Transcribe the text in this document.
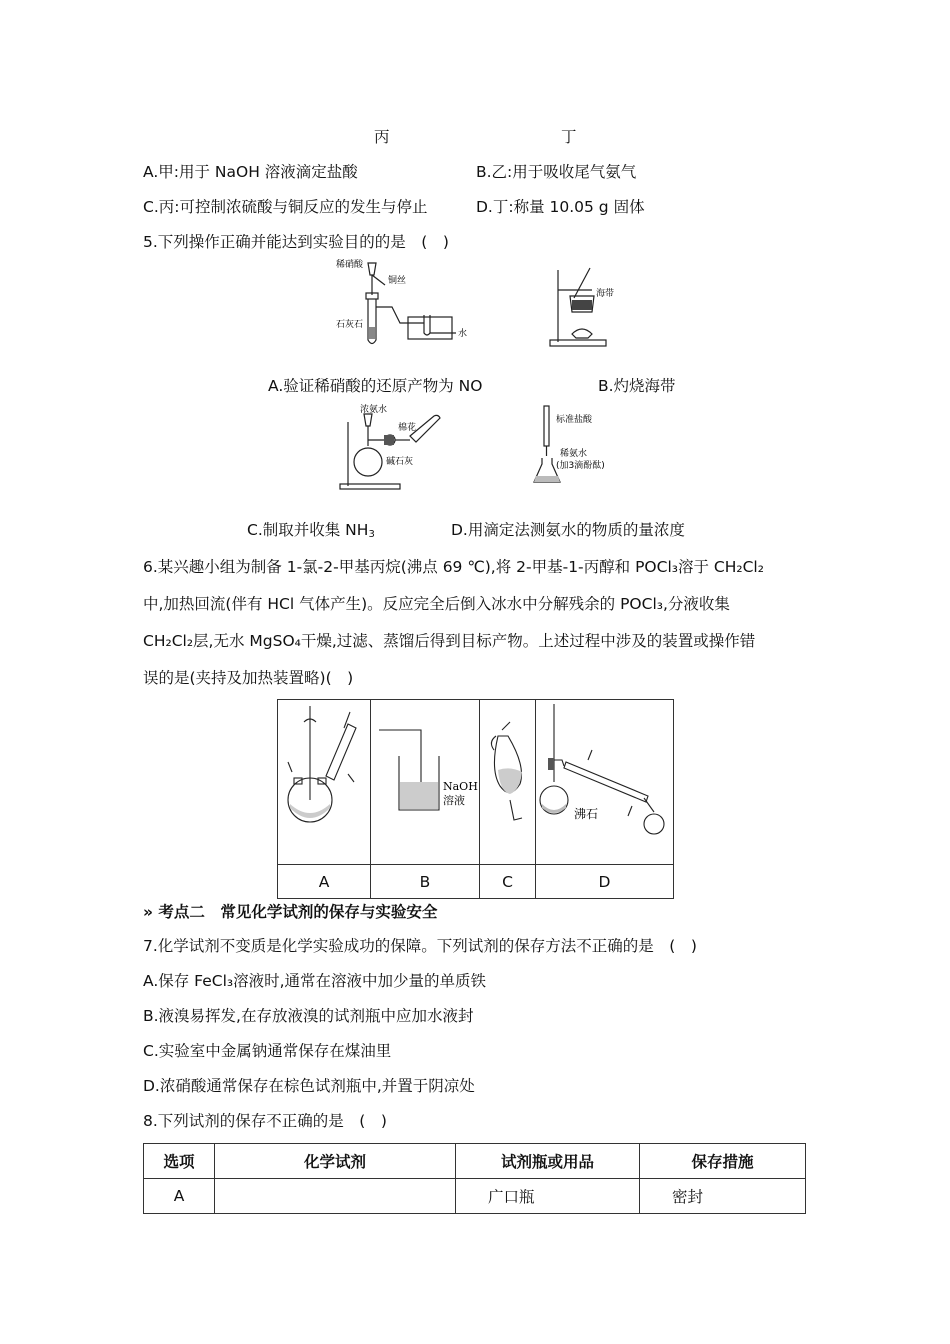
丙	丁
A.甲:用于 NaOH 溶液滴定盐酸	B.乙:用于吸收尾气氨气
C.丙:可控制浓硫酸与铜反应的发生与停止	D.丁:称量 10.05 g 固体
5.下列操作正确并能达到实验目的的是　(　)
稀硝酸
铜丝
石灰石
水
海带
A.验证稀硝酸的还原产物为 NO	B.灼烧海带
浓氨水
棉花
碱石灰
标准盐酸
稀氨水
(加3滴酚酞)
C.制取并收集 $NH_3$	D.用滴定法测氨水的物质的量浓度
6.某兴趣小组为制备 1-氯-2-甲基丙烷(沸点 69 ℃),将 2-甲基-1-丙醇和 POCl₃溶于 CH₂Cl₂
中,加热回流(伴有 HCl 气体产生)。反应完全后倒入冰水中分解残余的 POCl₃,分液收集
CH₂Cl₂层,无水 MgSO₄干燥,过滤、蒸馏后得到目标产物。上述过程中涉及的装置或操作错
误的是(夹持及加热装置略)(　)

NaOH
溶液		沸石

A	B	C	D
» 考点二　常见化学试剂的保存与实验安全
7.化学试剂不变质是化学实验成功的保障。下列试剂的保存方法不正确的是　(　)
A.保存 FeCl₃溶液时,通常在溶液中加少量的单质铁
B.液溴易挥发,在存放液溴的试剂瓶中应加水液封
C.实验室中金属钠通常保存在煤油里
D.浓硝酸通常保存在棕色试剂瓶中,并置于阴凉处
8.下列试剂的保存不正确的是　(　)
选项	化学试剂	试剂瓶或用品	保存措施
A		广口瓶	密封
